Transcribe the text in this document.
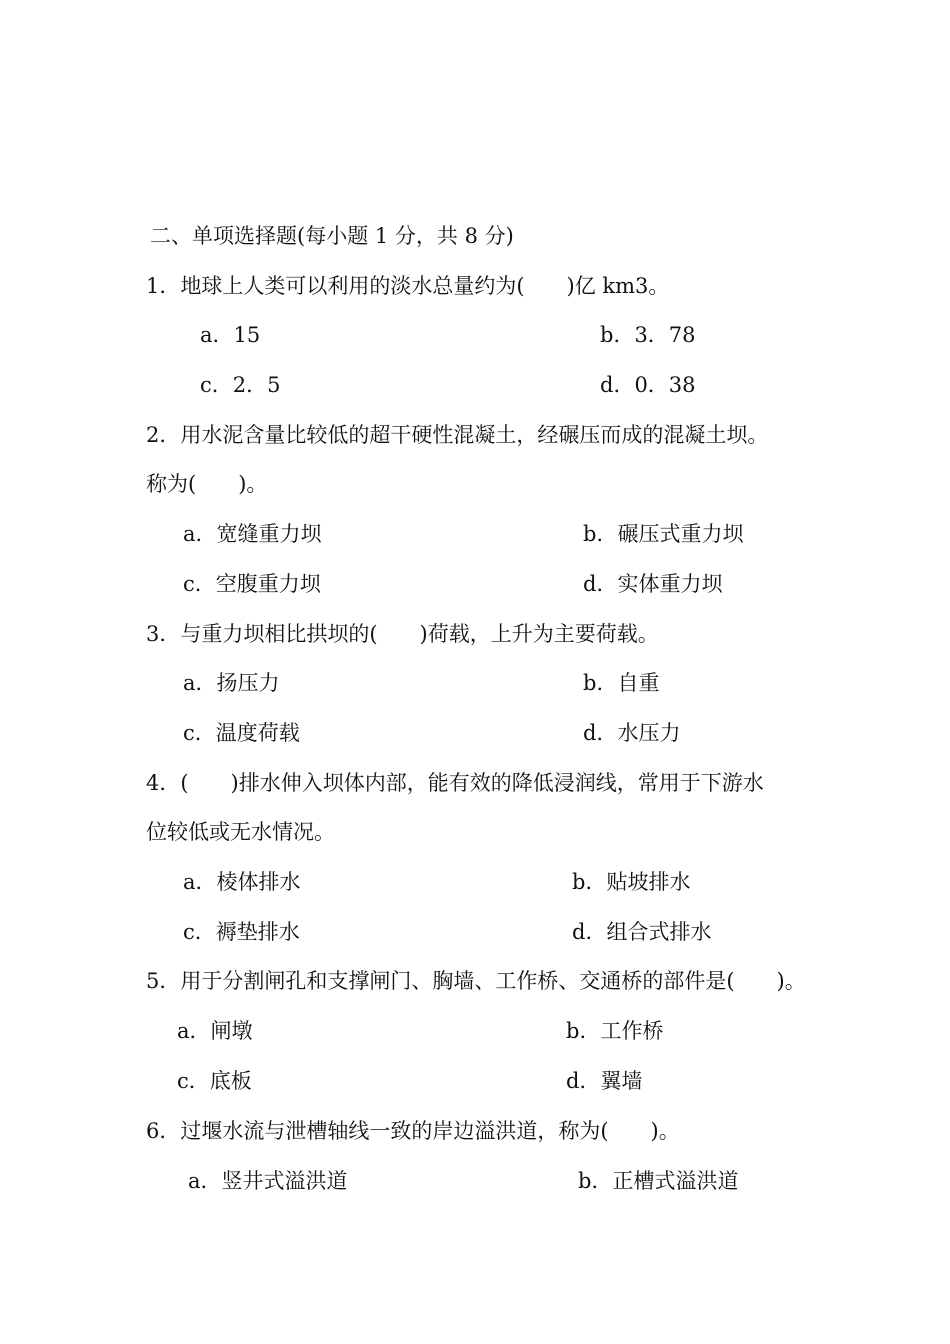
二、单项选择题(每小题 1 分，共 8 分)
1．地球上人类可以利用的淡水总量约为(　　)亿 km3。
a．15	b．3．78
c．2．5	d．0．38
2．用水泥含量比较低的超干硬性混凝土，经碾压而成的混凝土坝。
称为(　　)。
a．宽缝重力坝	b．碾压式重力坝
c．空腹重力坝	d．实体重力坝
3．与重力坝相比拱坝的(　　)荷载，上升为主要荷载。
a．扬压力	b．自重
c．温度荷载	d．水压力
4．(　　)排水伸入坝体内部，能有效的降低浸润线，常用于下游水
位较低或无水情况。
a．棱体排水	b．贴坡排水
c．褥垫排水	d．组合式排水
5．用于分割闸孔和支撑闸门、胸墙、工作桥、交通桥的部件是(　　)。
a．闸墩	b．工作桥
c．底板	d．翼墙
6．过堰水流与泄槽轴线一致的岸边溢洪道，称为(　　)。
a．竖井式溢洪道	b．正槽式溢洪道
